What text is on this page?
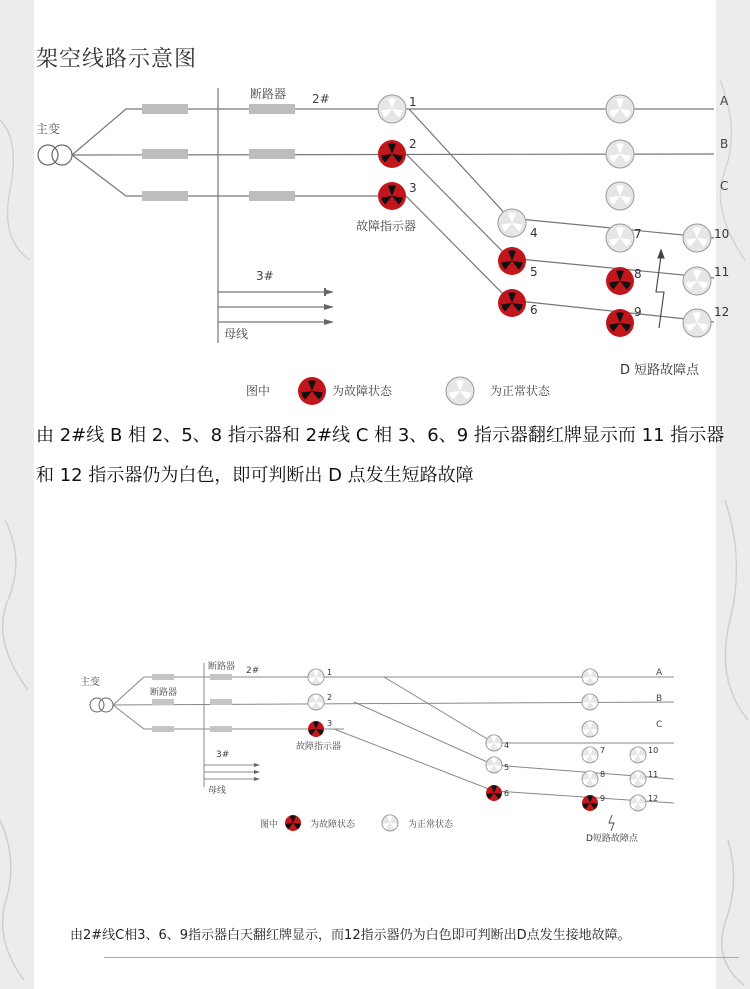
架空线路示意图
主变
断路器 2#
3#
母线
故障指示器
A
B
C
1
2
3
4
5
6
7
8
9
10
11
12
D 短路故障点
图中	为故障状态	为正常状态
由 2#线 B 相 2、5、8 指示器和 2#线 C 相 3、6、9 指示器翻红牌显示而 11 指示器和 12 指示器仍为白色，即可判断出 D 点发生短路故障
主变
断路器
断路器
2#
3#
母线
故障指示器
A
B
C
1
2
3
4
5
6
7
8
9
10
11
12
D短路故障点
图中	为故障状态	为正常状态
由2#线C相3、6、9指示器白天翻红牌显示，而12指示器仍为白色即可判断出D点发生接地故障。
